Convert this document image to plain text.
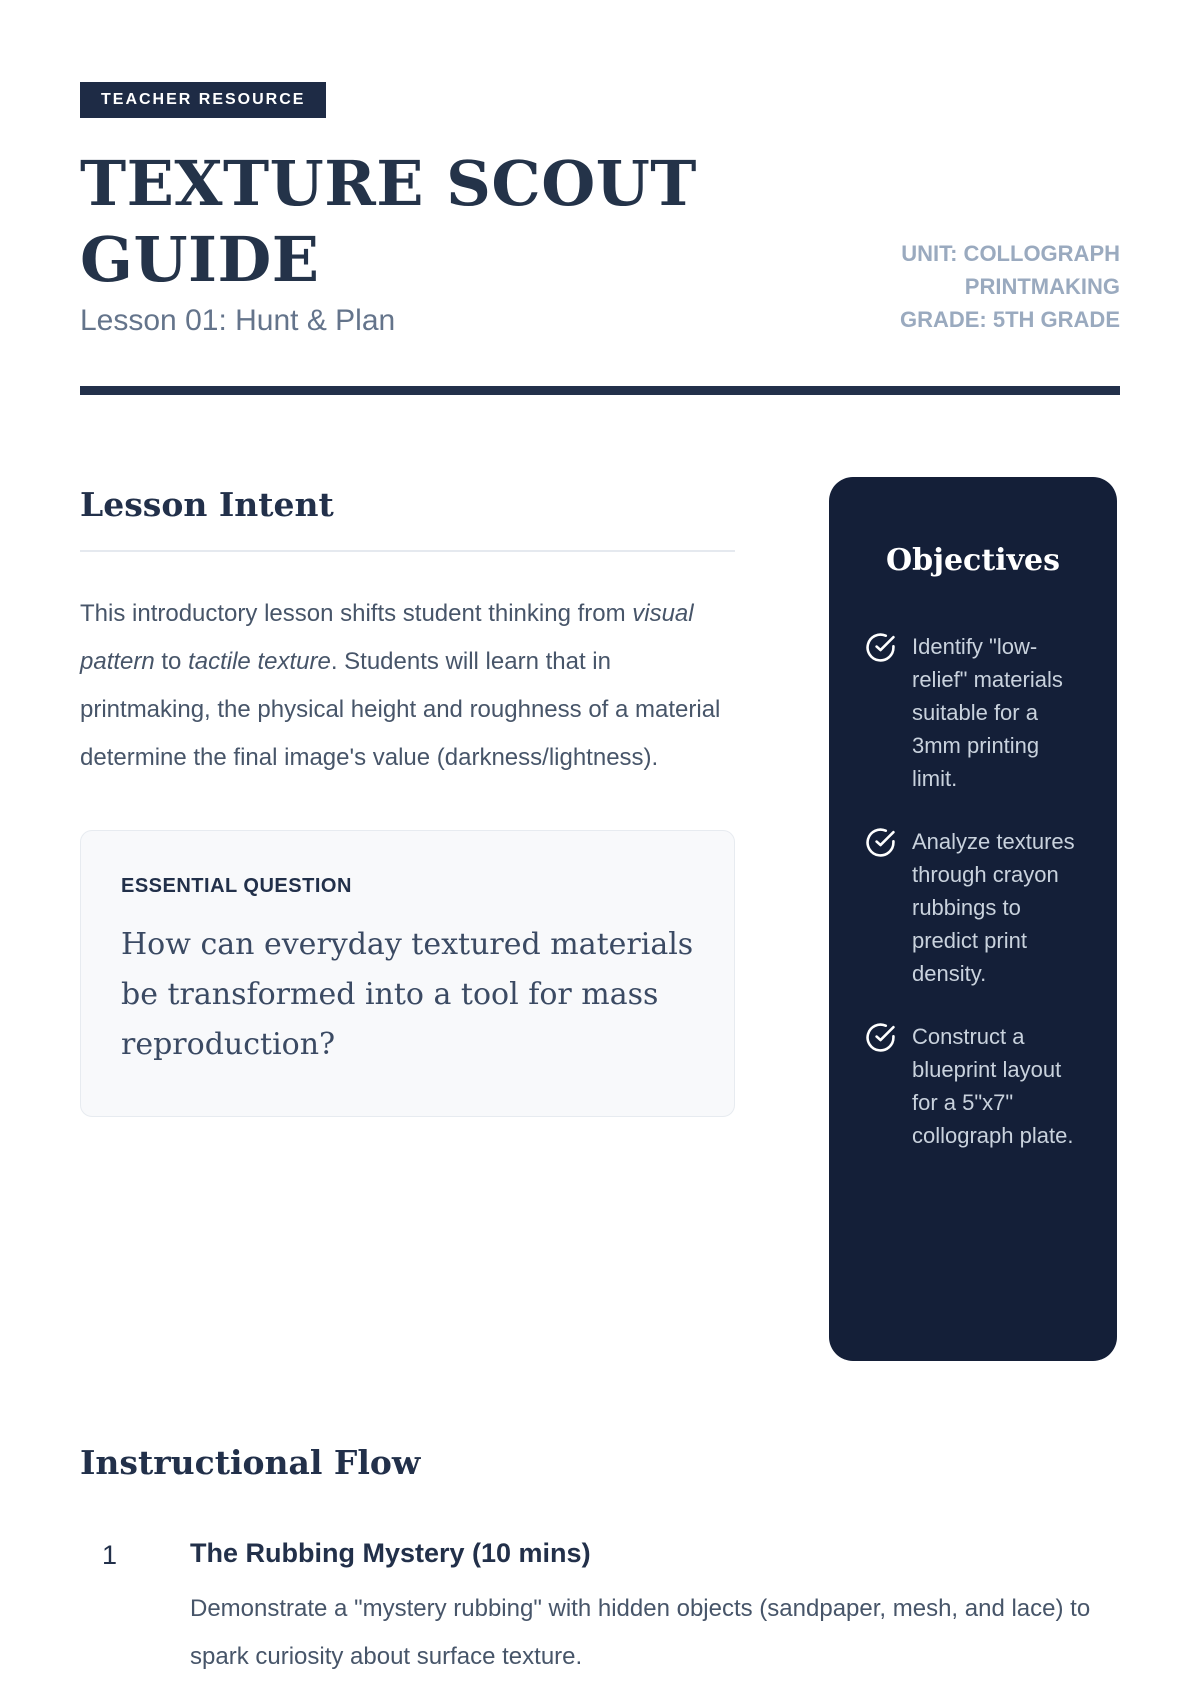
TEACHER RESOURCE
TEXTURE SCOUT GUIDE
Lesson 01: Hunt & Plan
UNIT: COLLOGRAPH PRINTMAKING
GRADE: 5TH GRADE
Lesson Intent

This introductory lesson shifts student thinking from visual pattern to tactile texture. Students will learn that in printmaking, the physical height and roughness of a material determine the final image's value (darkness/lightness).

ESSENTIAL QUESTION
How can everyday textured materials be transformed into a tool for mass reproduction?
Objectives
Identify "low-relief" materials suitable for a 3mm printing limit.
Analyze textures through crayon rubbings to predict print density.
Construct a blueprint layout for a 5"x7" collograph plate.
Instructional Flow
1	The Rubbing Mystery (10 mins)
Demonstrate a "mystery rubbing" with hidden objects (sandpaper, mesh, and lace) to spark curiosity about surface texture.
